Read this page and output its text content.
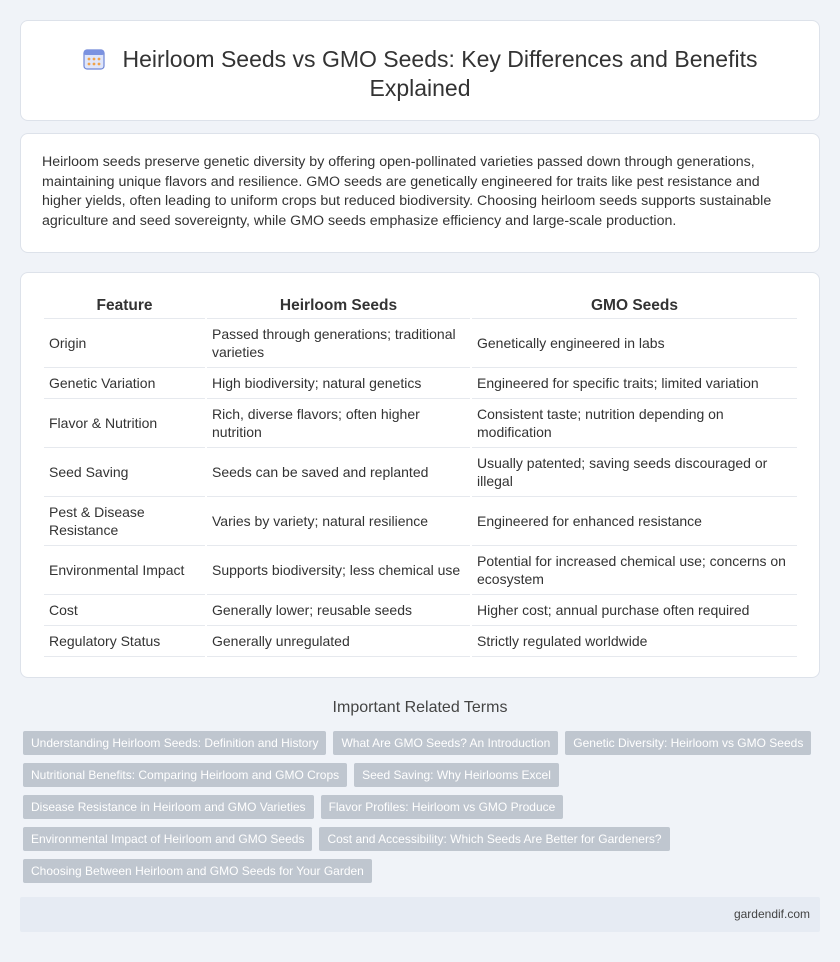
Heirloom Seeds vs GMO Seeds: Key Differences and Benefits Explained

Heirloom seeds preserve genetic diversity by offering open-pollinated varieties passed down through generations, maintaining unique flavors and resilience. GMO seeds are genetically engineered for traits like pest resistance and higher yields, often leading to uniform crops but reduced biodiversity. Choosing heirloom seeds supports sustainable agriculture and seed sovereignty, while GMO seeds emphasize efficiency and large-scale production.

Feature	Heirloom Seeds	GMO Seeds
Origin	Passed through generations; traditional varieties	Genetically engineered in labs
Genetic Variation	High biodiversity; natural genetics	Engineered for specific traits; limited variation
Flavor & Nutrition	Rich, diverse flavors; often higher nutrition	Consistent taste; nutrition depending on modification
Seed Saving	Seeds can be saved and replanted	Usually patented; saving seeds discouraged or illegal
Pest & Disease Resistance	Varies by variety; natural resilience	Engineered for enhanced resistance
Environmental Impact	Supports biodiversity; less chemical use	Potential for increased chemical use; concerns on ecosystem
Cost	Generally lower; reusable seeds	Higher cost; annual purchase often required
Regulatory Status	Generally unregulated	Strictly regulated worldwide
Important Related Terms
Understanding Heirloom Seeds: Definition and History	What Are GMO Seeds? An Introduction	Genetic Diversity: Heirloom vs GMO Seeds
Nutritional Benefits: Comparing Heirloom and GMO Crops	Seed Saving: Why Heirlooms Excel
Disease Resistance in Heirloom and GMO Varieties	Flavor Profiles: Heirloom vs GMO Produce
Environmental Impact of Heirloom and GMO Seeds	Cost and Accessibility: Which Seeds Are Better for Gardeners?
Choosing Between Heirloom and GMO Seeds for Your Garden
gardendif.com
